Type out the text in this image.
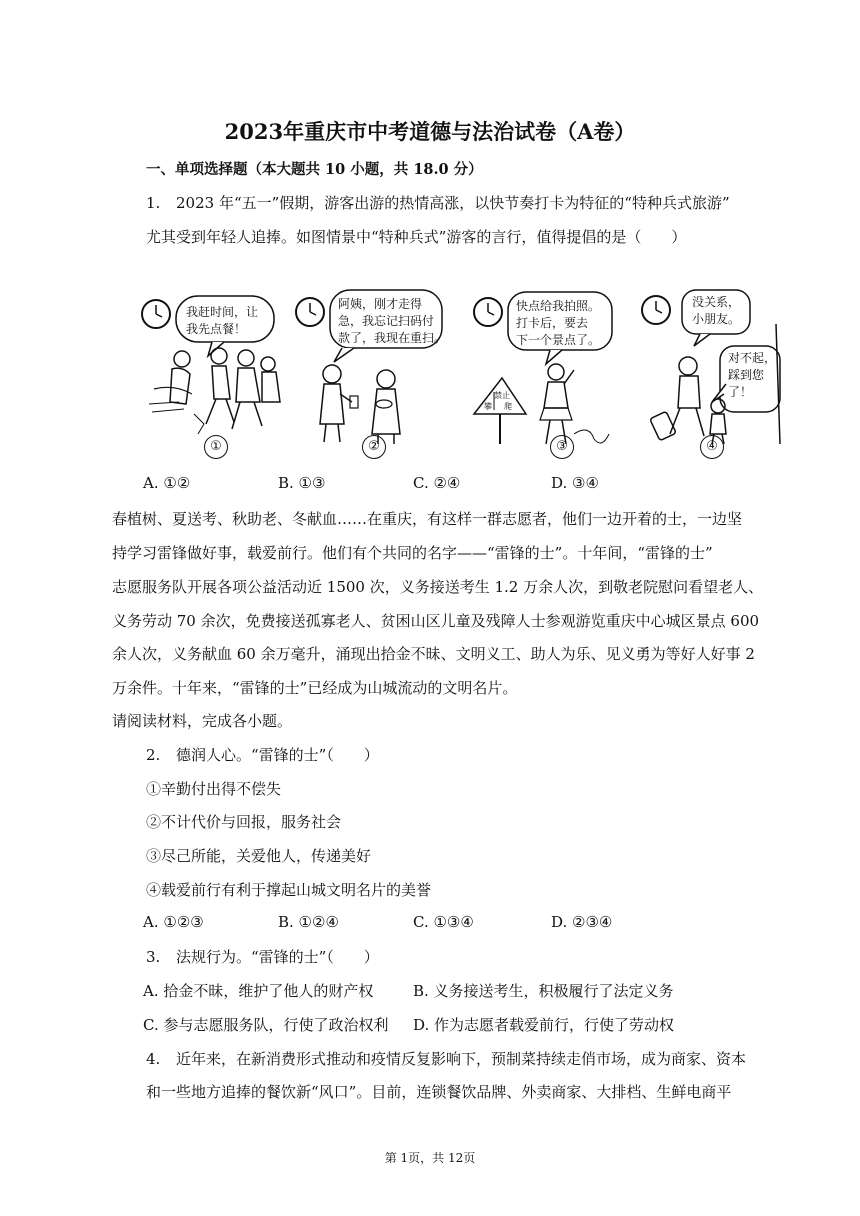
2023年重庆市中考道德与法治试卷（A卷）
一、单项选择题（本大题共 10 小题，共 18.0 分）
1. 2023 年“五一”假期，游客出游的热情高涨，以快节奏打卡为特征的“特种兵式旅游”
尤其受到年轻人追捧。如图情景中“特种兵式”游客的言行，值得提倡的是（　　）
我赶时间，让
我先点餐！
①
阿姨，刚才走得
急，我忘记扫码付
款了，我现在重扫。
②
快点给我拍照。
打卡后，要去
下一个景点了。
禁止
攀 爬
③
没关系，
小朋友。
对不起，
踩到您
了！
④
A. ①②	B. ①③	C. ②④	D. ③④
春植树、夏送考、秋助老、冬献血……在重庆，有这样一群志愿者，他们一边开着的士，一边坚
持学习雷锋做好事，载爱前行。他们有个共同的名字——“雷锋的士”。十年间，“雷锋的士”
志愿服务队开展各项公益活动近 1500 次，义务接送考生 1.2 万余人次，到敬老院慰问看望老人、
义务劳动 70 余次，免费接送孤寡老人、贫困山区儿童及残障人士参观游览重庆中心城区景点 600
余人次，义务献血 60 余万毫升，涌现出拾金不昧、文明义工、助人为乐、见义勇为等好人好事 2
万余件。十年来，“雷锋的士”已经成为山城流动的文明名片。
请阅读材料，完成各小题。
2. 德润人心。“雷锋的士”（　　）
①辛勤付出得不偿失
②不计代价与回报，服务社会
③尽己所能，关爱他人，传递美好
④载爱前行有利于撑起山城文明名片的美誉
A. ①②③	B. ①②④	C. ①③④	D. ②③④
3. 法规行为。“雷锋的士”（　　）
A. 拾金不昧，维护了他人的财产权	B. 义务接送考生，积极履行了法定义务
C. 参与志愿服务队，行使了政治权利 D. 作为志愿者载爱前行，行使了劳动权
4. 近年来，在新消费形式推动和疫情反复影响下，预制菜持续走俏市场，成为商家、资本
和一些地方追捧的餐饮新“风口”。目前，连锁餐饮品牌、外卖商家、大排档、生鲜电商平
第 1页，共 12页
